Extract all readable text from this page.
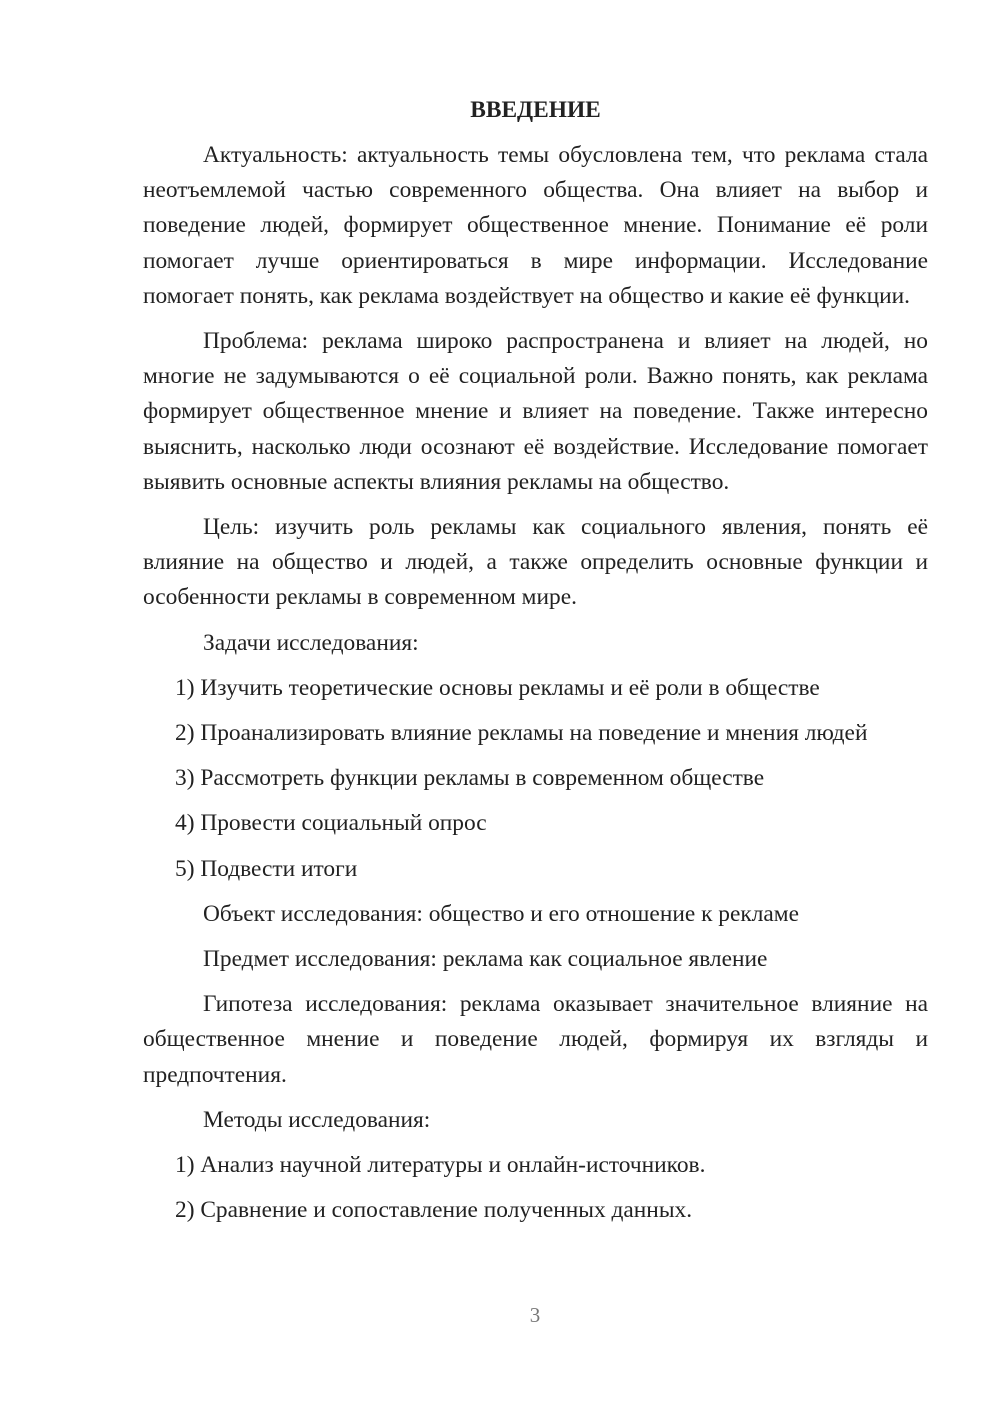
ВВЕДЕНИЕ

Актуальность: актуальность темы обусловлена тем, что реклама стала неотъемлемой частью современного общества. Она влияет на выбор и поведение людей, формирует общественное мнение. Понимание её роли помогает лучше ориентироваться в мире информации. Исследование помогает понять, как реклама воздействует на общество и какие её функции.

Проблема: реклама широко распространена и влияет на людей, но многие не задумываются о её социальной роли. Важно понять, как реклама формирует общественное мнение и влияет на поведение. Также интересно выяснить, насколько люди осознают её воздействие. Исследование помогает выявить основные аспекты влияния рекламы на общество.

Цель: изучить роль рекламы как социального явления, понять её влияние на общество и людей, а также определить основные функции и особенности рекламы в современном мире.

Задачи исследования:

1) Изучить теоретические основы рекламы и её роли в обществе

2) Проанализировать влияние рекламы на поведение и мнения людей

3) Рассмотреть функции рекламы в современном обществе

4) Провести социальный опрос

5) Подвести итоги

Объект исследования: общество и его отношение к рекламе

Предмет исследования: реклама как социальное явление

Гипотеза исследования: реклама оказывает значительное влияние на общественное мнение и поведение людей, формируя их взгляды и предпочтения.

Методы исследования:

1) Анализ научной литературы и онлайн-источников.

2) Сравнение и сопоставление полученных данных.

3
